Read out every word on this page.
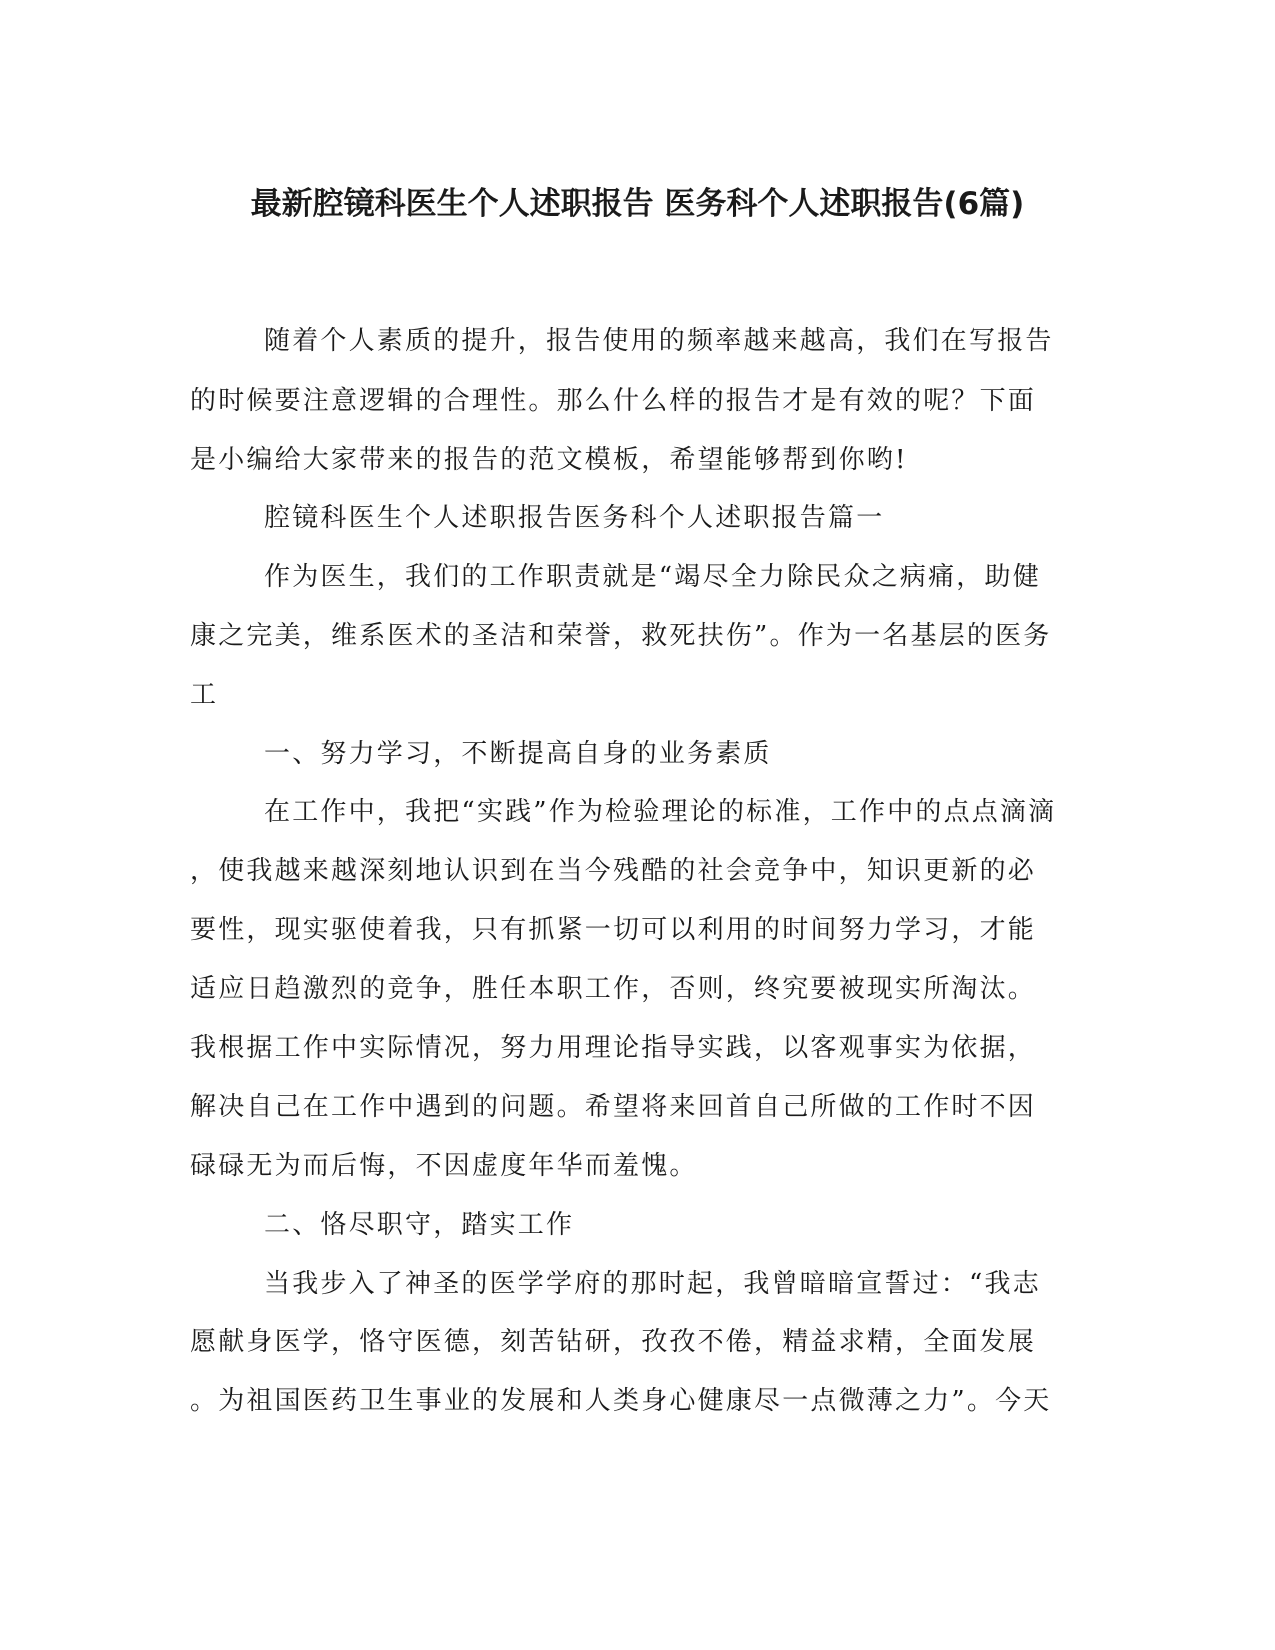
最新腔镜科医生个人述职报告 医务科个人述职报告(6篇)
随着个人素质的提升，报告使用的频率越来越高，我们在写报告
的时候要注意逻辑的合理性。那么什么样的报告才是有效的呢？下面
是小编给大家带来的报告的范文模板，希望能够帮到你哟!
腔镜科医生个人述职报告医务科个人述职报告篇一
作为医生，我们的工作职责就是“竭尽全力除民众之病痛，助健
康之完美，维系医术的圣洁和荣誉，救死扶伤”。作为一名基层的医务
工
一、努力学习，不断提高自身的业务素质
在工作中，我把“实践”作为检验理论的标准，工作中的点点滴滴
，使我越来越深刻地认识到在当今残酷的社会竞争中，知识更新的必
要性，现实驱使着我，只有抓紧一切可以利用的时间努力学习，才能
适应日趋激烈的竞争，胜任本职工作，否则，终究要被现实所淘汰。
我根据工作中实际情况，努力用理论指导实践，以客观事实为依据，
解决自己在工作中遇到的问题。希望将来回首自己所做的工作时不因
碌碌无为而后悔，不因虚度年华而羞愧。
二、恪尽职守，踏实工作
当我步入了神圣的医学学府的那时起，我曾暗暗宣誓过：“我志
愿献身医学，恪守医德，刻苦钻研，孜孜不倦，精益求精，全面发展
。为祖国医药卫生事业的发展和人类身心健康尽一点微薄之力”。今天
